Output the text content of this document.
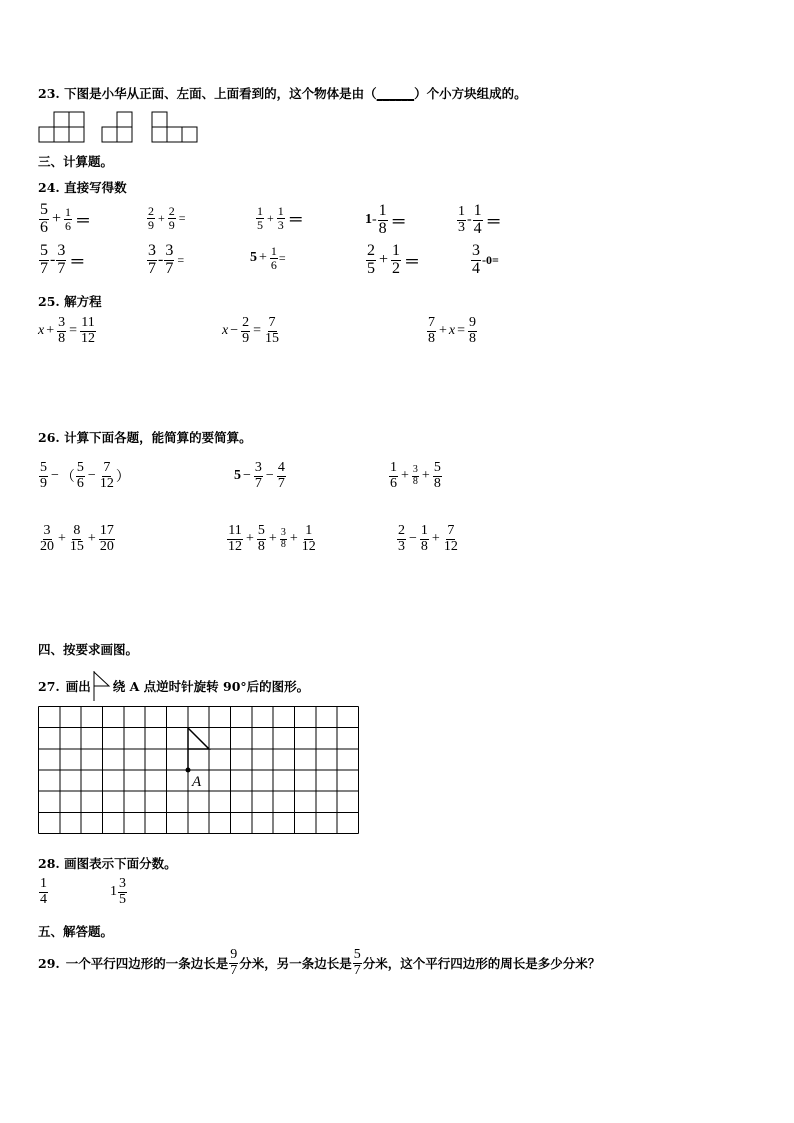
23. 下图是小华从正面、左面、上面看到的，这个物体是由（______）个小方块组成的。
三、计算题。
24. 直接写得数
$\frac{5}{6} + \frac{1}{6}$ ＝	$\frac{2}{9} + \frac{2}{9}$ =	$\frac{1}{5} + \frac{1}{3}$ ＝	$1 - \frac{1}{8}$ ＝	$\frac{1}{3} - \frac{1}{4}$ ＝
$\frac{5}{7} - \frac{3}{7}$ ＝	$\frac{3}{7} - \frac{3}{7}$ =	$5 + \frac{1}{6}$ =	$\frac{2}{5} + \frac{1}{2}$ ＝	$\frac{3}{4} -0=$
25. 解方程
$x + \frac{3}{8} = \frac{11}{12}$	$x - \frac{2}{9} = \frac{7}{15}$	$\frac{7}{8} + x = \frac{9}{8}$
26. 计算下面各题，能简算的要简算。
$\frac{5}{9}$ − （ $\frac{5}{6} - \frac{7}{12}$ ）	$5 - \frac{3}{7} - \frac{4}{7}$	$\frac{1}{6} + \frac{3}{8} + \frac{5}{8}$
$\frac{3}{20} + \frac{8}{15} + \frac{17}{20}$	$\frac{11}{12} + \frac{5}{8} + \frac{3}{8} + \frac{1}{12}$	$\frac{2}{3} - \frac{1}{8} + \frac{7}{12}$
四、按要求画图。
27. 画出 绕 A 点逆时针旋转 90°后的图形。
A
28. 画图表示下面分数。
$\frac{1}{4}$	$1 \frac{3}{5}$
五、解答题。
29. 一个平行四边形的一条边长是 $\frac{9}{7}$ 分米，另一条边长是 $\frac{5}{7}$ 分米，这个平行四边形的周长是多少分米？
